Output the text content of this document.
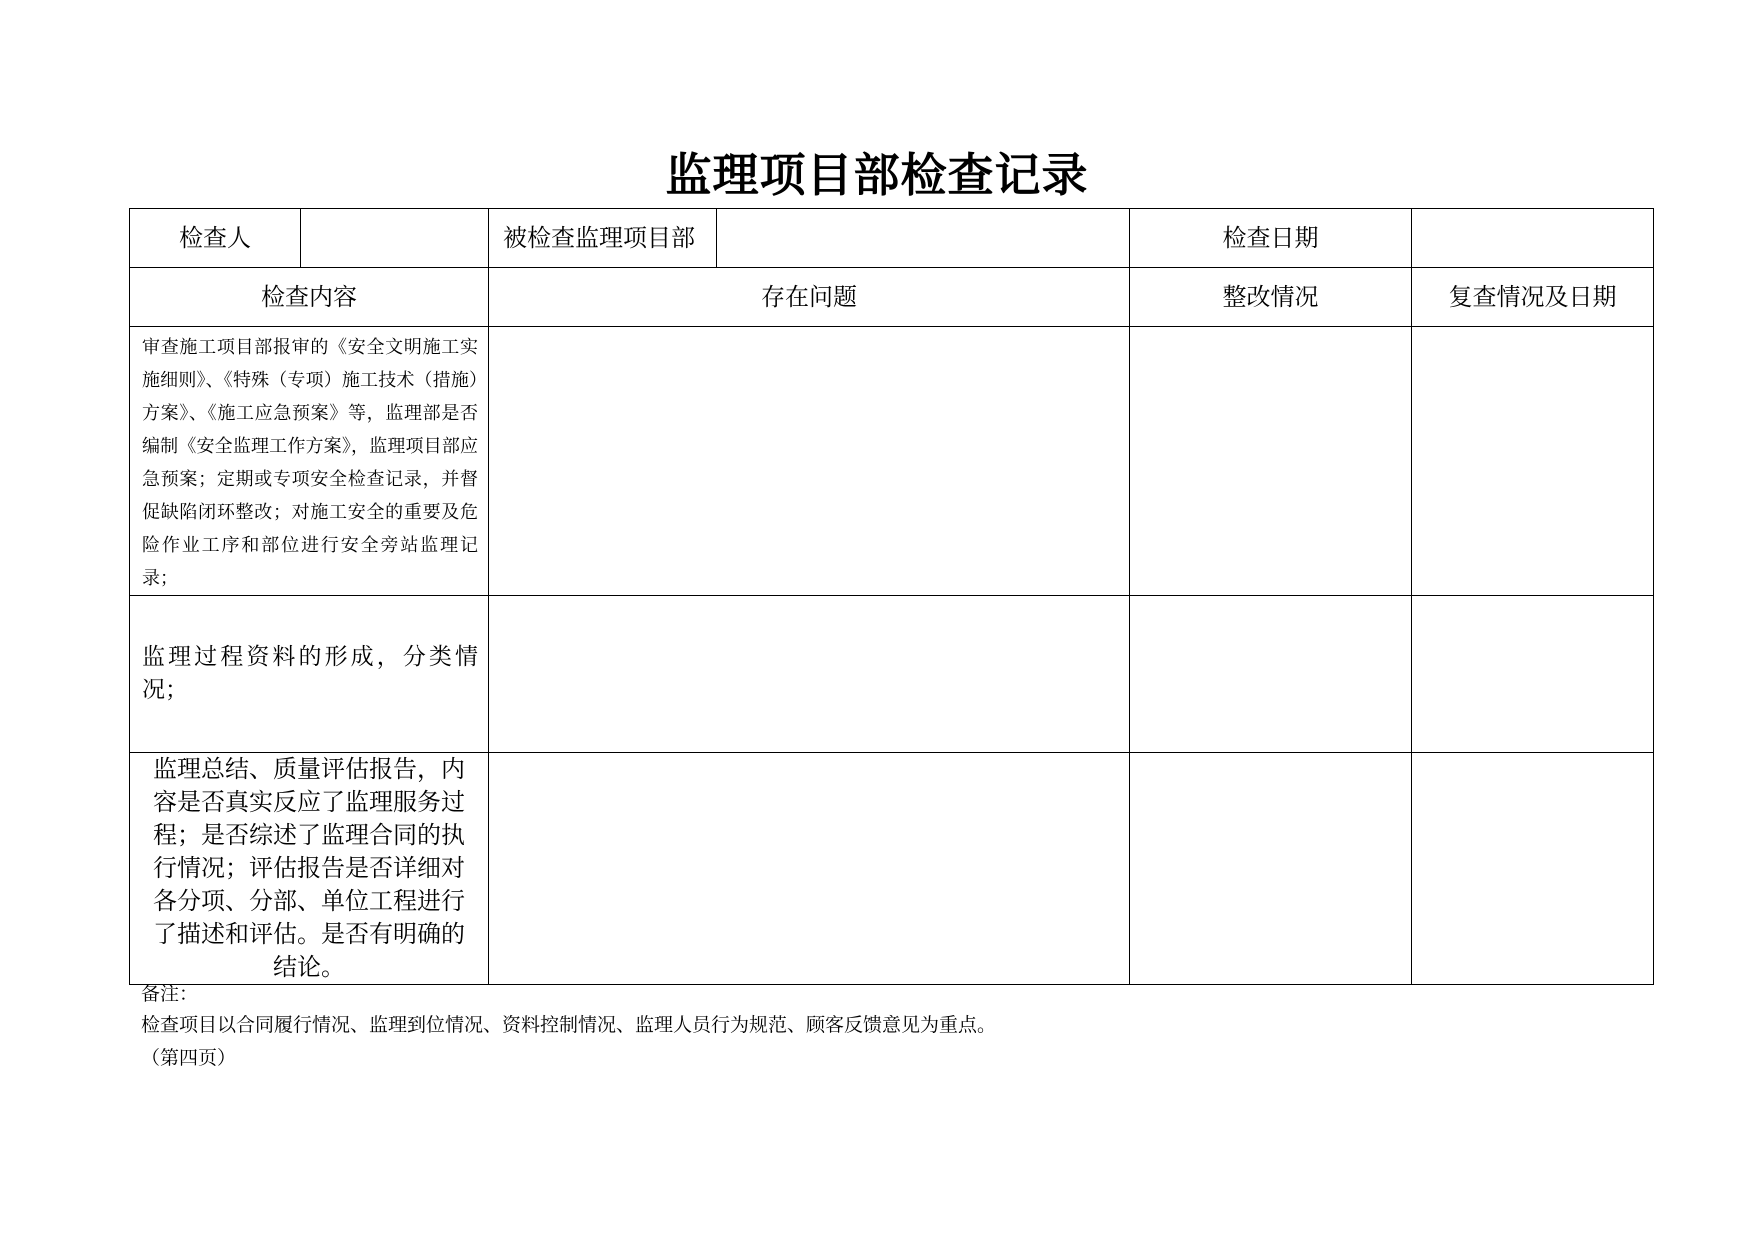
监理项目部检查记录
检查人		被检查监理项目部		检查日期	
检查内容		存在问题		整改情况	复查情况及日期
审查施工项目部报审的《安全文明施工实施细则》、《特殊（专项）施工技术（措施）方案》、《施工应急预案》等，监理部是否编制《安全监理工作方案》，监理项目部应急预案；定期或专项安全检查记录，并督促缺陷闭环整改；对施工安全的重要及危险作业工序和部位进行安全旁站监理记录；					
监理过程资料的形成，分类情况；					
监理总结、质量评估报告，内容是否真实反应了监理服务过程；是否综述了监理合同的执行情况；评估报告是否详细对各分项、分部、单位工程进行了描述和评估。是否有明确的结论。					
备注：
检查项目以合同履行情况、监理到位情况、资料控制情况、监理人员行为规范、顾客反馈意见为重点。
（第四页）
